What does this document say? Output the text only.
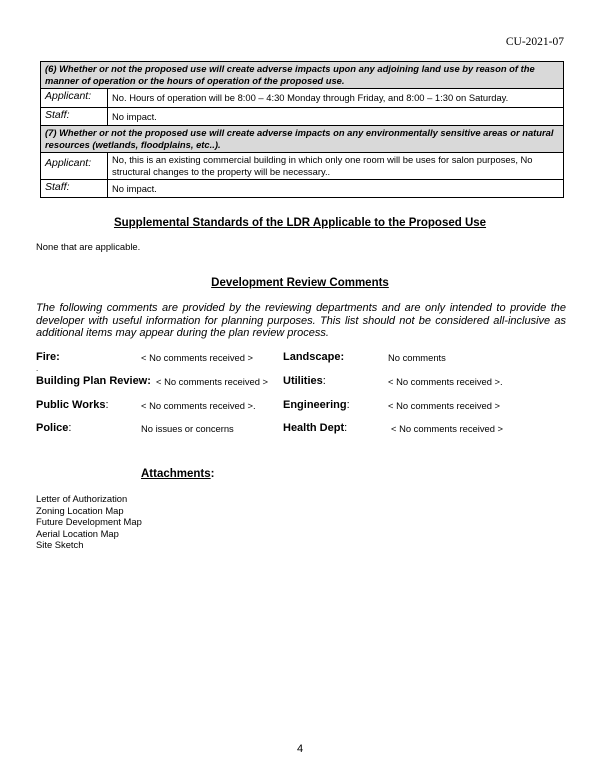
CU-2021-07
(6) Whether or not the proposed use will create adverse impacts upon any adjoining land use by reason of the manner of operation or the hours of operation of the proposed use.	
Applicant:	No. Hours of operation will be 8:00 – 4:30 Monday through Friday, and 8:00 – 1:30 on Saturday.
Staff:	No impact.
(7) Whether or not the proposed use will create adverse impacts on any environmentally sensitive areas or natural resources (wetlands, floodplains, etc..).	
Applicant:	No, this is an existing commercial building in which only one room will be uses for salon purposes, No structural changes to the property will be necessary..
Staff:	No impact.
Supplemental Standards of the LDR Applicable to the Proposed Use
None that are applicable.
Development Review Comments
The following comments are provided by the reviewing departments and are only intended to provide the developer with useful information for planning purposes. This list should not be considered all-inclusive as additional items may appear during the plan review process.
Fire:	< No comments received >	Landscape:	No comments
.
Building Plan Review: < No comments received > Utilities:	< No comments received >.
Public Works:	< No comments received >. Engineering:	< No comments received >
Police:	No issues or concerns	Health Dept:	< No comments received >
Attachments:
Letter of Authorization
Zoning Location Map
Future Development Map
Aerial Location Map
Site Sketch
4
